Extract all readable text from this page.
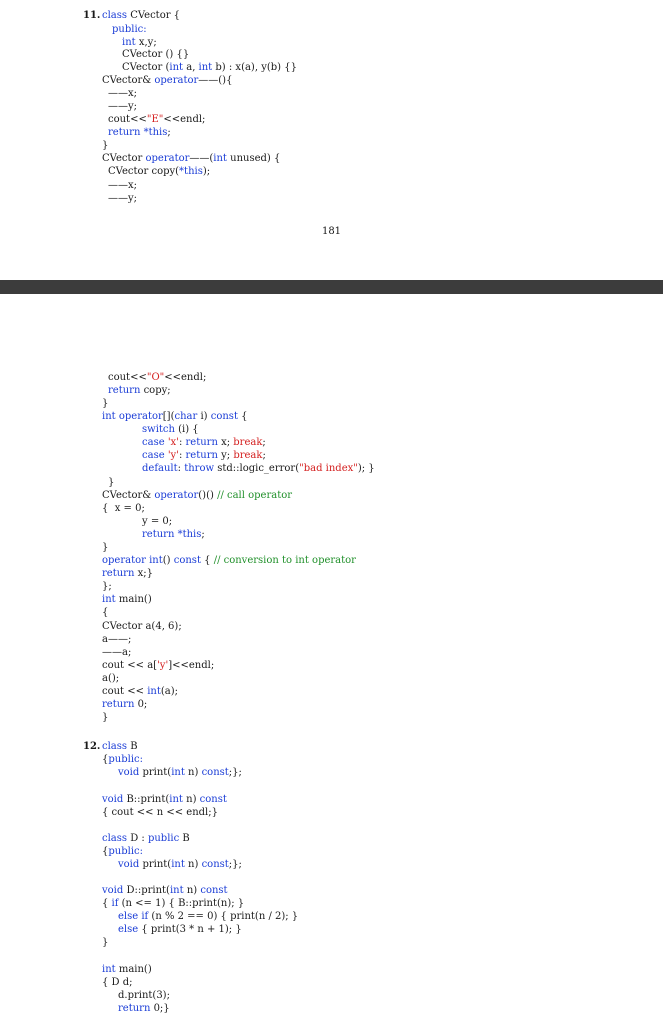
11. class CVector {
public:
int x,y;
CVector () {}
CVector (int a, int b) : x(a), y(b) {}
CVector& operator——(){
——x;
——y;
cout<<"E"<<endl;
return *this;
}
CVector operator——(int unused) {
CVector copy(*this);
——x;
——y;
181
12.
cout<<"O"<<endl;
return copy;
}
int operator[](char i) const {
switch (i) {
case 'x': return x; break;
case 'y': return y; break;
default: throw std::logic_error("bad index"); }
}
CVector& operator()() // call operator
{  x = 0;
y = 0;
return *this;
}
operator int() const { // conversion to int operator
return x;}
};
int main()
{
CVector a(4, 6);
a——;
——a;
cout << a['y']<<endl;
a();
cout << int(a);
return 0;
}
class B
{public:
void print(int n) const;};
void B::print(int n) const
{ cout << n << endl;}
class D : public B
{public:
void print(int n) const;};
void D::print(int n) const
{ if (n <= 1) { B::print(n); }
else if (n % 2 == 0) { print(n / 2); }
else { print(3 * n + 1); }
}
int main()
{ D d;
d.print(3);
return 0;}
